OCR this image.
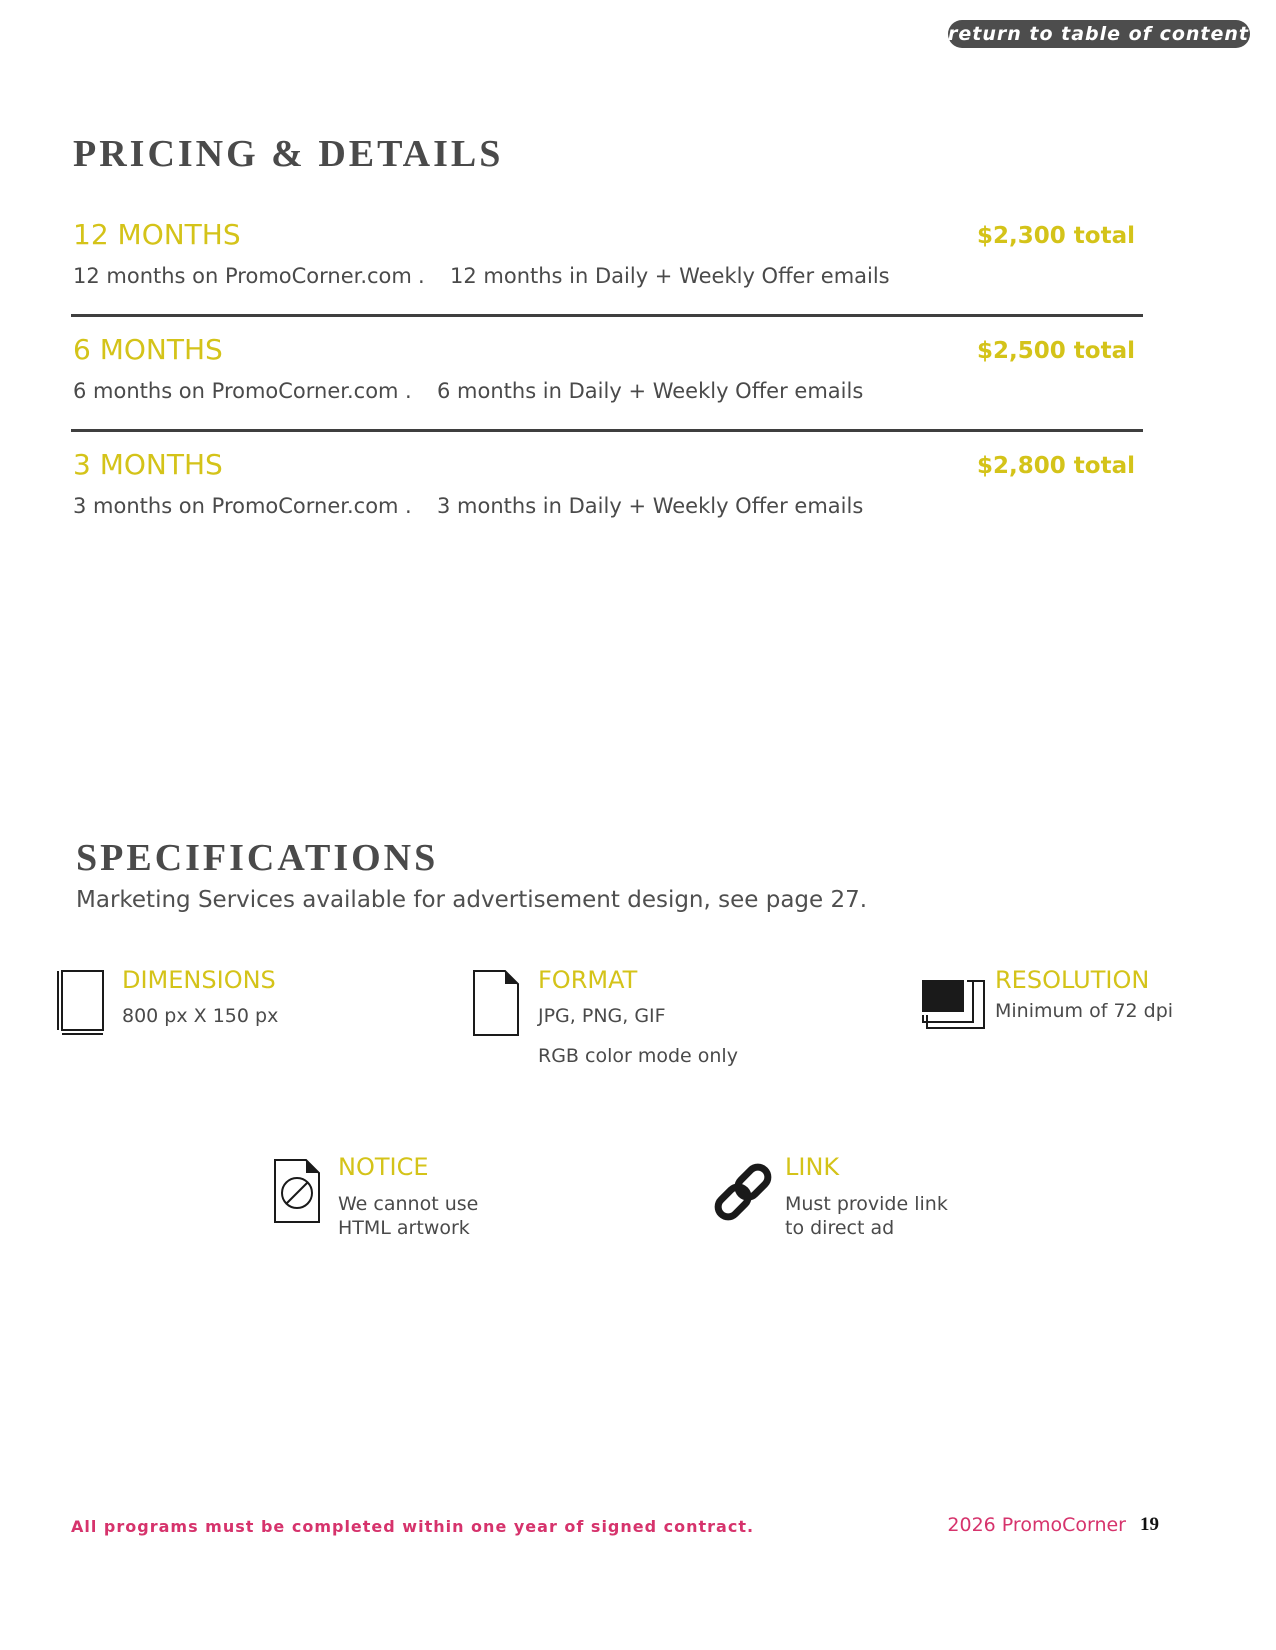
return to table of contents
PRICING & DETAILS
12 MONTHS	$2,300 total
12 months on PromoCorner.com . 12 months in Daily + Weekly Offer emails
6 MONTHS	$2,500 total
6 months on PromoCorner.com . 6 months in Daily + Weekly Offer emails
3 MONTHS	$2,800 total
3 months on PromoCorner.com . 3 months in Daily + Weekly Offer emails
SPECIFICATIONS
Marketing Services available for advertisement design, see page 27.
DIMENSIONS
800 px X 150 px
FORMAT
JPG, PNG, GIF
RGB color mode only
RESOLUTION
Minimum of 72 dpi
NOTICE
We cannot use
HTML artwork
LINK
Must provide link
to direct ad
All programs must be completed within one year of signed contract.	2026 PromoCorner 19
